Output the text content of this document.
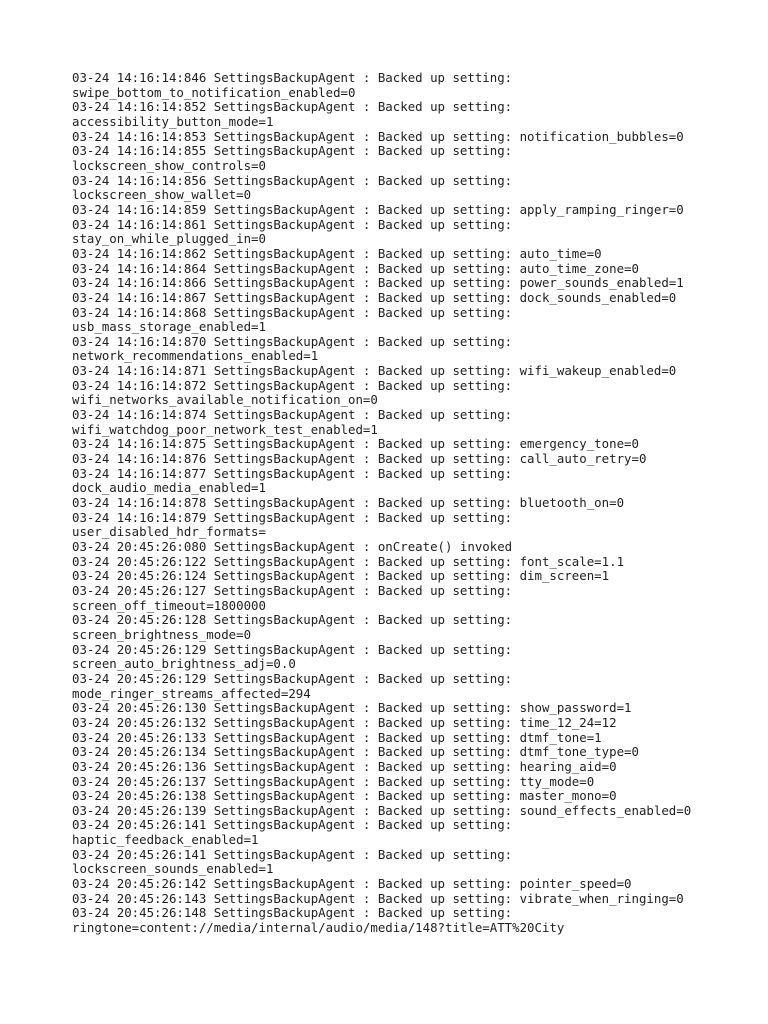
03-24 14:16:14:846 SettingsBackupAgent : Backed up setting:
swipe_bottom_to_notification_enabled=0
03-24 14:16:14:852 SettingsBackupAgent : Backed up setting:
accessibility_button_mode=1
03-24 14:16:14:853 SettingsBackupAgent : Backed up setting: notification_bubbles=0
03-24 14:16:14:855 SettingsBackupAgent : Backed up setting:
lockscreen_show_controls=0
03-24 14:16:14:856 SettingsBackupAgent : Backed up setting:
lockscreen_show_wallet=0
03-24 14:16:14:859 SettingsBackupAgent : Backed up setting: apply_ramping_ringer=0
03-24 14:16:14:861 SettingsBackupAgent : Backed up setting:
stay_on_while_plugged_in=0
03-24 14:16:14:862 SettingsBackupAgent : Backed up setting: auto_time=0
03-24 14:16:14:864 SettingsBackupAgent : Backed up setting: auto_time_zone=0
03-24 14:16:14:866 SettingsBackupAgent : Backed up setting: power_sounds_enabled=1
03-24 14:16:14:867 SettingsBackupAgent : Backed up setting: dock_sounds_enabled=0
03-24 14:16:14:868 SettingsBackupAgent : Backed up setting:
usb_mass_storage_enabled=1
03-24 14:16:14:870 SettingsBackupAgent : Backed up setting:
network_recommendations_enabled=1
03-24 14:16:14:871 SettingsBackupAgent : Backed up setting: wifi_wakeup_enabled=0
03-24 14:16:14:872 SettingsBackupAgent : Backed up setting:
wifi_networks_available_notification_on=0
03-24 14:16:14:874 SettingsBackupAgent : Backed up setting:
wifi_watchdog_poor_network_test_enabled=1
03-24 14:16:14:875 SettingsBackupAgent : Backed up setting: emergency_tone=0
03-24 14:16:14:876 SettingsBackupAgent : Backed up setting: call_auto_retry=0
03-24 14:16:14:877 SettingsBackupAgent : Backed up setting:
dock_audio_media_enabled=1
03-24 14:16:14:878 SettingsBackupAgent : Backed up setting: bluetooth_on=0
03-24 14:16:14:879 SettingsBackupAgent : Backed up setting:
user_disabled_hdr_formats=
03-24 20:45:26:080 SettingsBackupAgent : onCreate() invoked
03-24 20:45:26:122 SettingsBackupAgent : Backed up setting: font_scale=1.1
03-24 20:45:26:124 SettingsBackupAgent : Backed up setting: dim_screen=1
03-24 20:45:26:127 SettingsBackupAgent : Backed up setting:
screen_off_timeout=1800000
03-24 20:45:26:128 SettingsBackupAgent : Backed up setting:
screen_brightness_mode=0
03-24 20:45:26:129 SettingsBackupAgent : Backed up setting:
screen_auto_brightness_adj=0.0
03-24 20:45:26:129 SettingsBackupAgent : Backed up setting:
mode_ringer_streams_affected=294
03-24 20:45:26:130 SettingsBackupAgent : Backed up setting: show_password=1
03-24 20:45:26:132 SettingsBackupAgent : Backed up setting: time_12_24=12
03-24 20:45:26:133 SettingsBackupAgent : Backed up setting: dtmf_tone=1
03-24 20:45:26:134 SettingsBackupAgent : Backed up setting: dtmf_tone_type=0
03-24 20:45:26:136 SettingsBackupAgent : Backed up setting: hearing_aid=0
03-24 20:45:26:137 SettingsBackupAgent : Backed up setting: tty_mode=0
03-24 20:45:26:138 SettingsBackupAgent : Backed up setting: master_mono=0
03-24 20:45:26:139 SettingsBackupAgent : Backed up setting: sound_effects_enabled=0
03-24 20:45:26:141 SettingsBackupAgent : Backed up setting:
haptic_feedback_enabled=1
03-24 20:45:26:141 SettingsBackupAgent : Backed up setting:
lockscreen_sounds_enabled=1
03-24 20:45:26:142 SettingsBackupAgent : Backed up setting: pointer_speed=0
03-24 20:45:26:143 SettingsBackupAgent : Backed up setting: vibrate_when_ringing=0
03-24 20:45:26:148 SettingsBackupAgent : Backed up setting:
ringtone=content://media/internal/audio/media/148?title=ATT%20City
